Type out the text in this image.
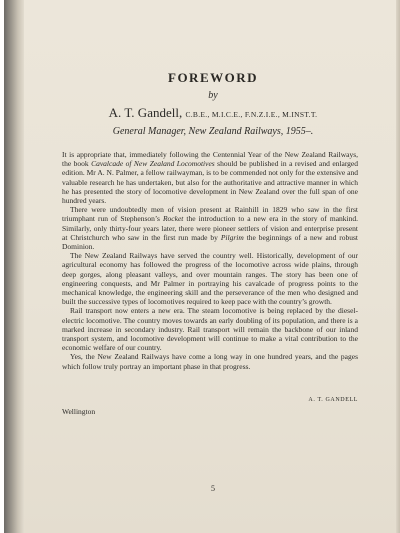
FOREWORD
by
A. T. Gandell, C.B.E., M.I.C.E., F.N.Z.I.E., M.INST.T.
General Manager, New Zealand Railways, 1955–.

It is appropriate that, immediately following the Centennial Year of the New Zealand Railways, the book Cavalcade of New Zealand Locomotives should be published in a revised and enlarged edition. Mr A. N. Palmer, a fellow railwayman, is to be commended not only for the extensive and valuable research he has undertaken, but also for the authoritative and attractive manner in which he has presented the story of locomotive development in New Zealand over the full span of one hundred years.

There were undoubtedly men of vision present at Rainhill in 1829 who saw in the first triumphant run of Stephenson’s Rocket the introduction to a new era in the story of mankind. Similarly, only thirty-four years later, there were pioneer settlers of vision and enterprise present at Christchurch who saw in the first run made by Pilgrim the beginnings of a new and robust Dominion.

The New Zealand Railways have served the country well. Historically, development of our agricultural economy has followed the progress of the locomotive across wide plains, through deep gorges, along pleasant valleys, and over mountain ranges. The story has been one of engineering conquests, and Mr Palmer in portraying his cavalcade of progress points to the mechanical knowledge, the engineering skill and the perseverance of the men who designed and built the successive types of locomotives required to keep pace with the country’s growth.

Rail transport now enters a new era. The steam locomotive is being replaced by the diesel-electric locomotive. The country moves towards an early doubling of its population, and there is a marked increase in secondary industry. Rail transport will remain the backbone of our inland transport system, and locomotive development will continue to make a vital contribution to the economic welfare of our country.

Yes, the New Zealand Railways have come a long way in one hundred years, and the pages which follow truly portray an important phase in that progress.

A. T. GANDELL
Wellington
5
